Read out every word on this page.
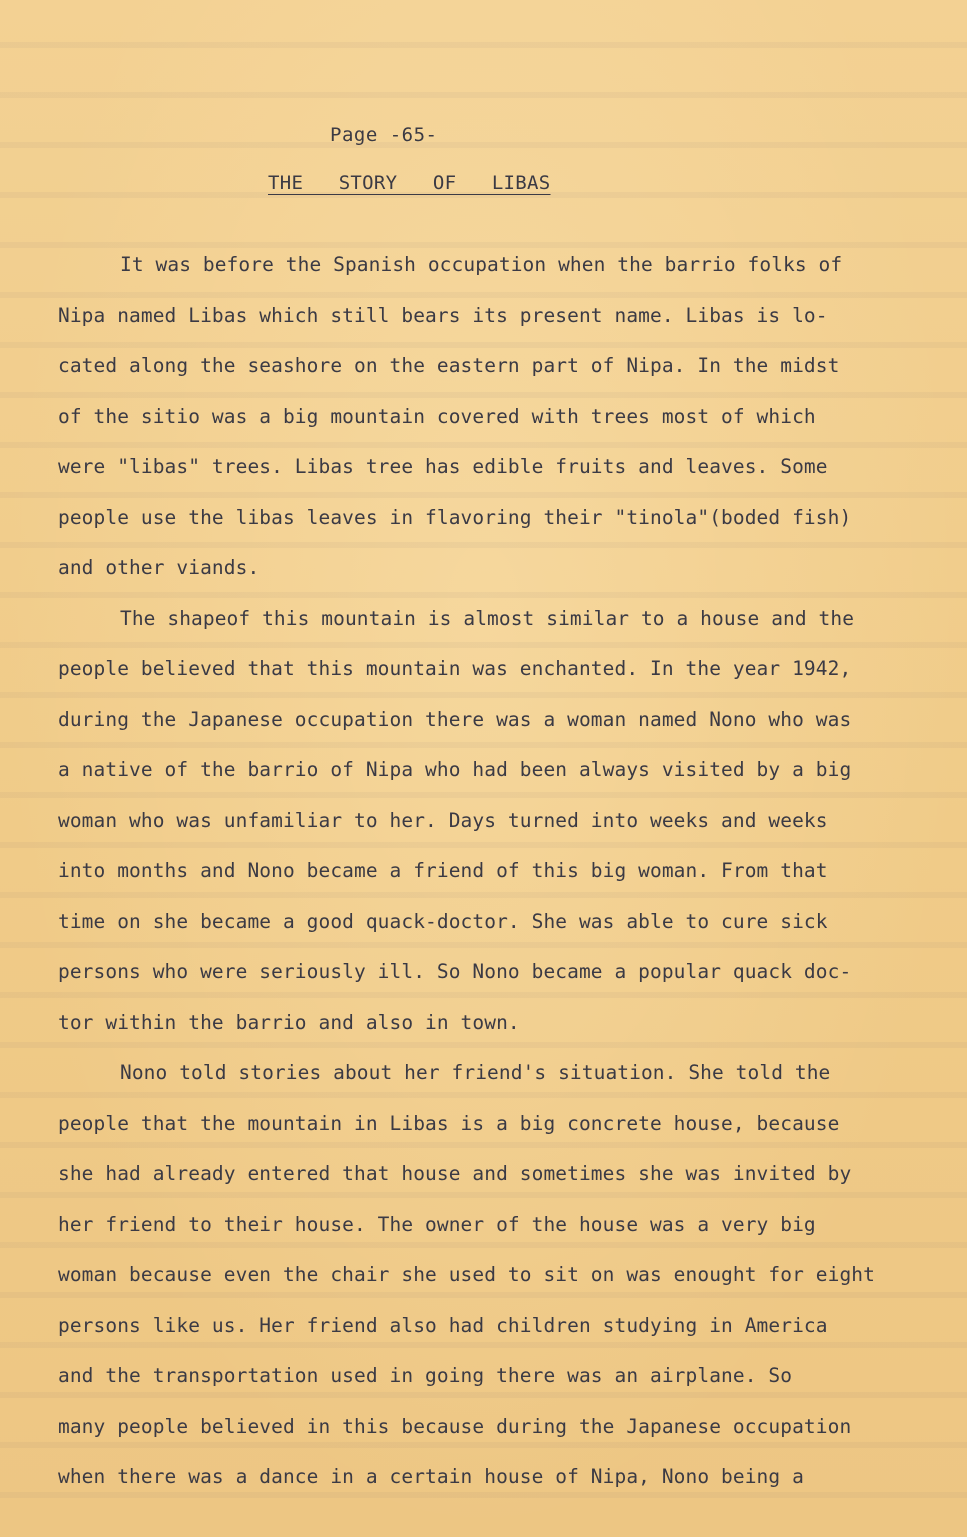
Page -65-

THE  STORY  OF  LIBAS
It was before the Spanish occupation when the barrio folks of
Nipa named Libas which still bears its present name. Libas is lo-
cated along the seashore on the eastern part of Nipa. In the midst
of the sitio was a big mountain covered with trees most of which
were "libas" trees. Libas tree has edible fruits and leaves. Some
people use the libas leaves in flavoring their "tinola"(boded fish)
and other viands.
The shapeof this mountain is almost similar to a house and the
people believed that this mountain was enchanted. In the year 1942,
during the Japanese occupation there was a woman named Nono who was
a native of the barrio of Nipa who had been always visited by a big
woman who was unfamiliar to her. Days turned into weeks and weeks
into months and Nono became a friend of this big woman. From that
time on she became a good quack-doctor. She was able to cure sick
persons who were seriously ill. So Nono became a popular quack doc-
tor within the barrio and also in town.
Nono told stories about her friend's situation. She told the
people that the mountain in Libas is a big concrete house, because
she had already entered that house and sometimes she was invited by
her friend to their house. The owner of the house was a very big
woman because even the chair she used to sit on was enought for eight
persons like us. Her friend also had children studying in America
and the transportation used in going there was an airplane. So
many people believed in this because during the Japanese occupation
when there was a dance in a certain house of Nipa, Nono being a
